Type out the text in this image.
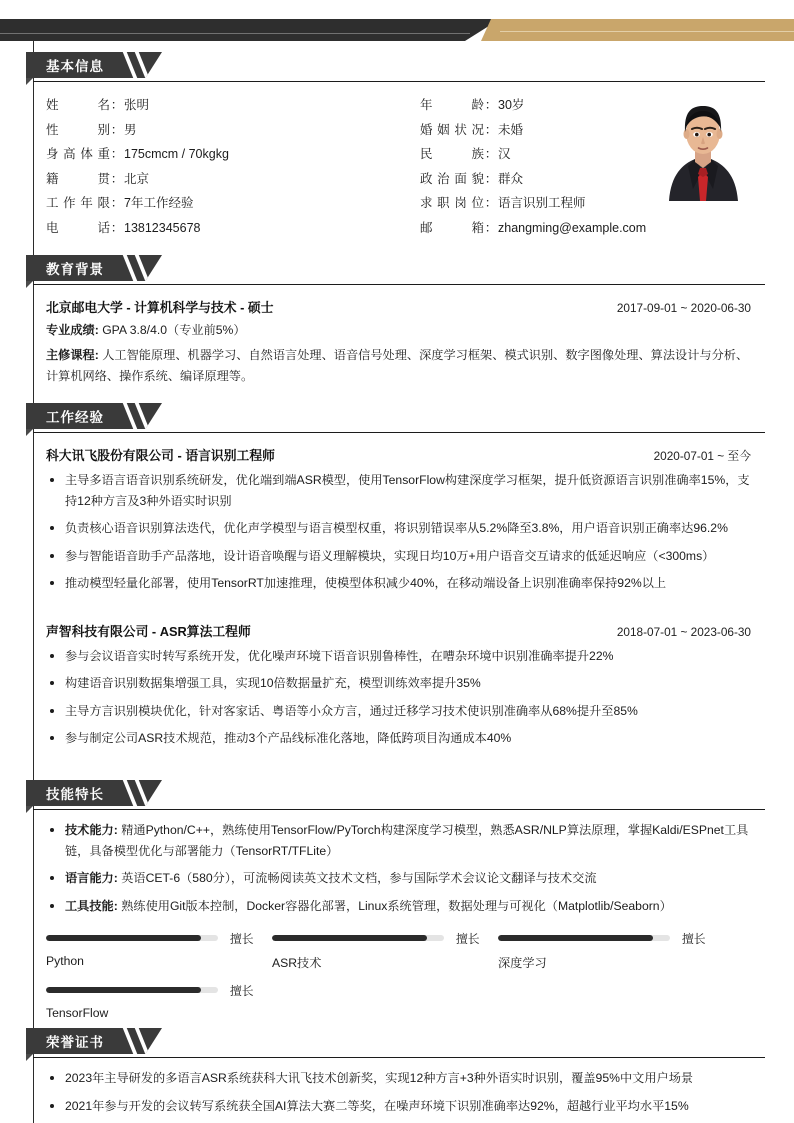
基本信息
姓名 ： 张明	年龄 ： 30岁
性别 ： 男	婚姻状况 ： 未婚
身高体重 ： 175cmcm / 70kgkg	民族 ： 汉
籍贯 ： 北京	政治面貌 ： 群众
工作年限 ： 7年工作经验	求职岗位 ： 语言识别工程师
电话 ： 13812345678	邮箱 ： zhangming@example.com
教育背景
北京邮电大学 - 计算机科学与技术 - 硕士	2017-09-01 ~ 2020-06-30
专业成绩: GPA 3.8/4.0（专业前5%）
主修课程: 人工智能原理、机器学习、自然语言处理、语音信号处理、深度学习框架、模式识别、数字图像处理、算法设计与分析、计算机网络、操作系统、编译原理等。
工作经验
科大讯飞股份有限公司 - 语言识别工程师	2020-07-01 ~ 至今
主导多语言语音识别系统研发，优化端到端ASR模型，使用TensorFlow构建深度学习框架，提升低资源语言识别准确率15%，支持12种方言及3种外语实时识别
负责核心语音识别算法迭代，优化声学模型与语言模型权重，将识别错误率从5.2%降至3.8%，用户语音识别正确率达96.2%
参与智能语音助手产品落地，设计语音唤醒与语义理解模块，实现日均10万+用户语音交互请求的低延迟响应（<300ms）
推动模型轻量化部署，使用TensorRT加速推理，使模型体积减少40%，在移动端设备上识别准确率保持92%以上
声智科技有限公司 - ASR算法工程师	2018-07-01 ~ 2023-06-30
参与会议语音实时转写系统开发，优化噪声环境下语音识别鲁棒性，在嘈杂环境中识别准确率提升22%
构建语音识别数据集增强工具，实现10倍数据量扩充，模型训练效率提升35%
主导方言识别模块优化，针对客家话、粤语等小众方言，通过迁移学习技术使识别准确率从68%提升至85%
参与制定公司ASR技术规范，推动3个产品线标准化落地，降低跨项目沟通成本40%
技能特长
技术能力: 精通Python/C++，熟练使用TensorFlow/PyTorch构建深度学习模型，熟悉ASR/NLP算法原理，掌握Kaldi/ESPnet工具链，具备模型优化与部署能力（TensorRT/TFLite）
语言能力: 英语CET-6（580分），可流畅阅读英文技术文档，参与国际学术会议论文翻译与技术交流
工具技能: 熟练使用Git版本控制，Docker容器化部署，Linux系统管理，数据处理与可视化（Matplotlib/Seaborn）
擅长
Python
擅长
ASR技术
擅长
深度学习
擅长
TensorFlow
荣誉证书
2023年主导研发的多语言ASR系统获科大讯飞技术创新奖，实现12种方言+3种外语实时识别，覆盖95%中文用户场景
2021年参与开发的会议转写系统获全国AI算法大赛二等奖，在噪声环境下识别准确率达92%，超越行业平均水平15%
